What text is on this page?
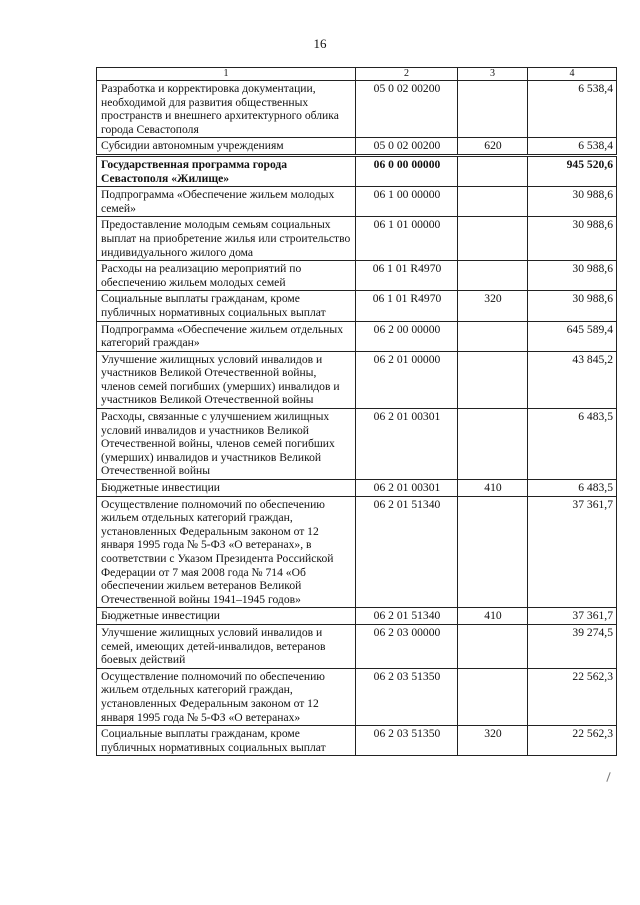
16
1	2	3	4
Разработка и корректировка документации, необходимой для развития общественных пространств и внешнего архитектурного облика города Севастополя	05 0 02 00200		6 538,4
Субсидии автономным учреждениям	05 0 02 00200	620	6 538,4
Государственная программа города Севастополя «Жилище»	06 0 00 00000		945 520,6
Подпрограмма «Обеспечение жильем молодых семей»	06 1 00 00000		30 988,6
Предоставление молодым семьям социальных выплат на приобретение жилья или строительство индивидуального жилого дома	06 1 01 00000		30 988,6
Расходы на реализацию мероприятий по обеспечению жильем молодых семей	06 1 01 R4970		30 988,6
Социальные выплаты гражданам, кроме публичных нормативных социальных выплат	06 1 01 R4970	320	30 988,6
Подпрограмма «Обеспечение жильем отдельных категорий граждан»	06 2 00 00000		645 589,4
Улучшение жилищных условий инвалидов и участников Великой Отечественной войны, членов семей погибших (умерших) инвалидов и участников Великой Отечественной войны	06 2 01 00000		43 845,2
Расходы, связанные с улучшением жилищных условий инвалидов и участников Великой Отечественной войны, членов семей погибших (умерших) инвалидов и участников Великой Отечественной войны	06 2 01 00301		6 483,5
Бюджетные инвестиции	06 2 01 00301	410	6 483,5
Осуществление полномочий по обеспечению жильем отдельных категорий граждан, установленных Федеральным законом от 12 января 1995 года № 5-ФЗ «О ветеранах», в соответствии с Указом Президента Российской Федерации от 7 мая 2008 года № 714 «Об обеспечении жильем ветеранов Великой Отечественной войны 1941–1945 годов»	06 2 01 51340		37 361,7
Бюджетные инвестиции	06 2 01 51340	410	37 361,7
Улучшение жилищных условий инвалидов и семей, имеющих детей-инвалидов, ветеранов боевых действий	06 2 03 00000		39 274,5
Осуществление полномочий по обеспечению жильем отдельных категорий граждан, установленных Федеральным законом от 12 января 1995 года № 5-ФЗ «О ветеранах»	06 2 03 51350		22 562,3
Социальные выплаты гражданам, кроме публичных нормативных социальных выплат	06 2 03 51350	320	22 562,3
